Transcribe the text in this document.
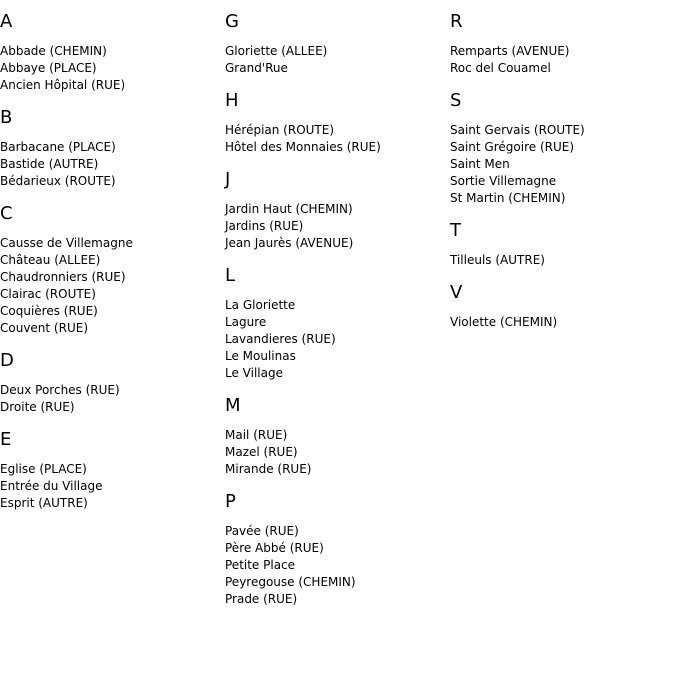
A
Abbade (CHEMIN)
Abbaye (PLACE)
Ancien Hôpital (RUE)
B
Barbacane (PLACE)
Bastide (AUTRE)
Bédarieux (ROUTE)
C
Causse de Villemagne
Château (ALLEE)
Chaudronniers (RUE)
Clairac (ROUTE)
Coquières (RUE)
Couvent (RUE)
D
Deux Porches (RUE)
Droite (RUE)
E
Eglise (PLACE)
Entrée du Village
Esprit (AUTRE)
G
Gloriette (ALLEE)
Grand'Rue
H
Hérépian (ROUTE)
Hôtel des Monnaies (RUE)
J
Jardin Haut (CHEMIN)
Jardins (RUE)
Jean Jaurès (AVENUE)
L
La Gloriette
Lagure
Lavandieres (RUE)
Le Moulinas
Le Village
M
Mail (RUE)
Mazel (RUE)
Mirande (RUE)
P
Pavée (RUE)
Père Abbé (RUE)
Petite Place
Peyregouse (CHEMIN)
Prade (RUE)
R
Remparts (AVENUE)
Roc del Couamel
S
Saint Gervais (ROUTE)
Saint Grégoire (RUE)
Saint Men
Sortie Villemagne
St Martin (CHEMIN)
T
Tilleuls (AUTRE)
V
Violette (CHEMIN)
